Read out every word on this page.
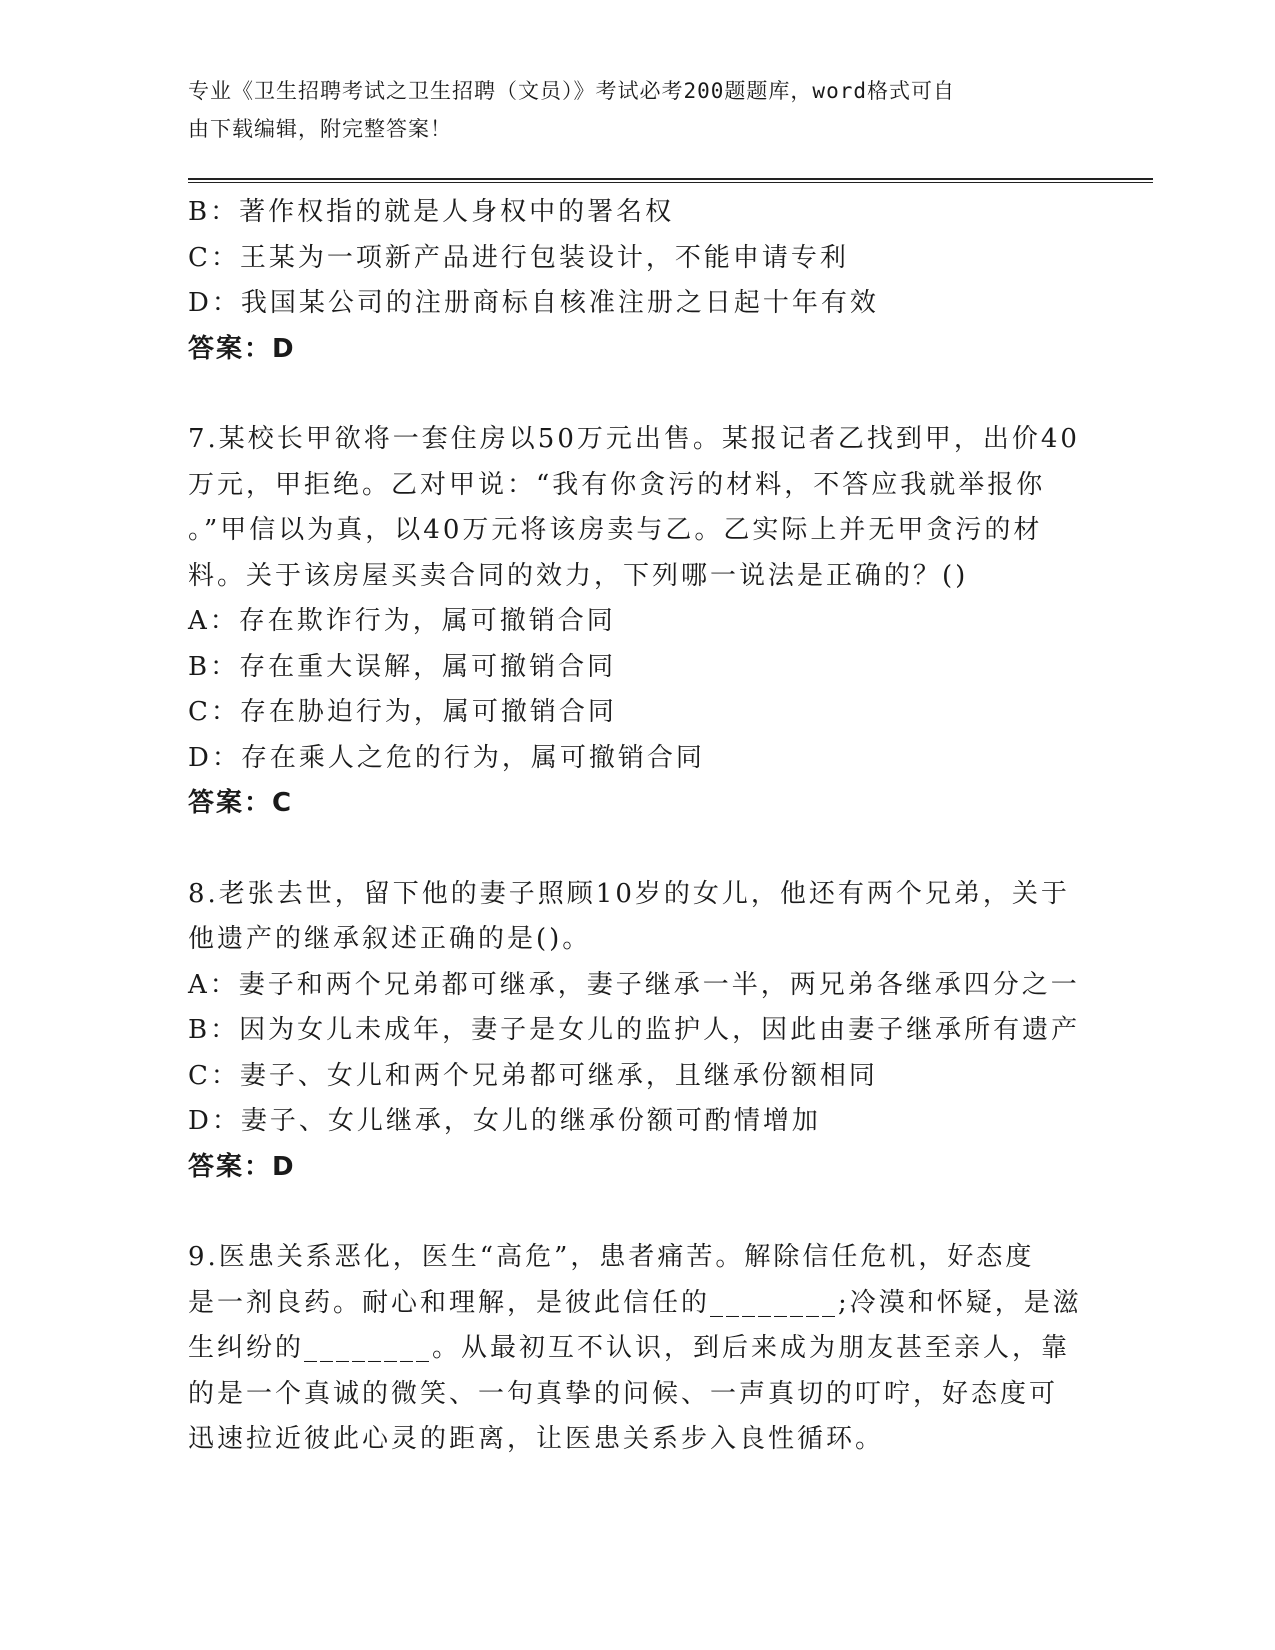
专业《卫生招聘考试之卫生招聘（文员）》考试必考200题题库，word格式可自
由下载编辑，附完整答案！
B：著作权指的就是人身权中的署名权
C：王某为一项新产品进行包装设计，不能申请专利
D：我国某公司的注册商标自核准注册之日起十年有效
答案：D
7.某校长甲欲将一套住房以50万元出售。某报记者乙找到甲，出价40
万元，甲拒绝。乙对甲说：“我有你贪污的材料，不答应我就举报你
。”甲信以为真，以40万元将该房卖与乙。乙实际上并无甲贪污的材
料。关于该房屋买卖合同的效力，下列哪一说法是正确的？()
A：存在欺诈行为，属可撤销合同
B：存在重大误解，属可撤销合同
C：存在胁迫行为，属可撤销合同
D：存在乘人之危的行为，属可撤销合同
答案：C
8.老张去世，留下他的妻子照顾10岁的女儿，他还有两个兄弟，关于
他遗产的继承叙述正确的是()。
A：妻子和两个兄弟都可继承，妻子继承一半，两兄弟各继承四分之一
B：因为女儿未成年，妻子是女儿的监护人，因此由妻子继承所有遗产
C：妻子、女儿和两个兄弟都可继承，且继承份额相同
D：妻子、女儿继承，女儿的继承份额可酌情增加
答案：D
9.医患关系恶化，医生“高危”，患者痛苦。解除信任危机，好态度
是一剂良药。耐心和理解，是彼此信任的________;冷漠和怀疑，是滋
生纠纷的________。从最初互不认识，到后来成为朋友甚至亲人，靠
的是一个真诚的微笑、一句真挚的问候、一声真切的叮咛，好态度可
迅速拉近彼此心灵的距离，让医患关系步入良性循环。
